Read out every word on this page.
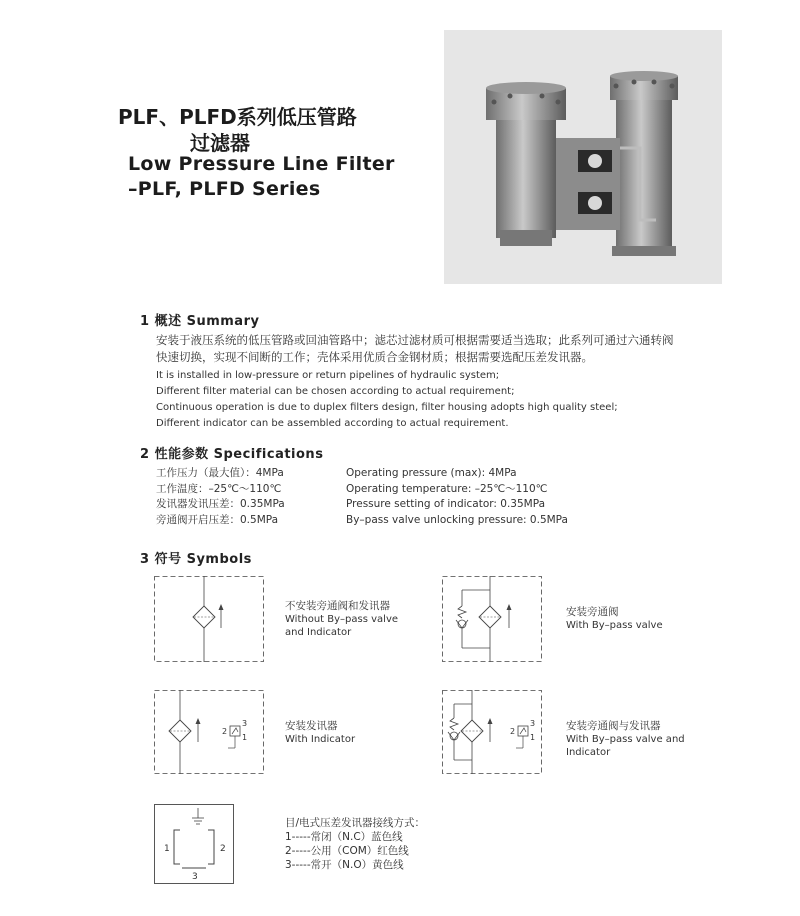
PLF、PLFD系列低压管路
过滤器
Low Pressure Line Filter
–PLF, PLFD Series
1 概述 Summary
安装于液压系统的低压管路或回油管路中；滤芯过滤材质可根据需要适当选取；此系列可通过六通转阀
快速切换，实现不间断的工作；壳体采用优质合金钢材质；根据需要选配压差发讯器。
It is installed in low-pressure or return pipelines of hydraulic system;
Different filter material can be chosen according to actual requirement;
Continuous operation is due to duplex filters design, filter housing adopts high quality steel;
Different indicator can be assembled according to actual requirement.
2 性能参数 Specifications
工作压力（最大值）：4MPa
工作温度：–25℃～110℃
发讯器发讯压差：0.35MPa
旁通阀开启压差：0.5MPa
Operating pressure (max): 4MPa
Operating temperature: –25℃～110℃
Pressure setting of indicator: 0.35MPa
By–pass valve unlocking pressure: 0.5MPa
3 符号 Symbols
不安装旁通阀和发讯器
Without By–pass valve
and Indicator
安装旁通阀
With By–pass valve
2
3
1
安装发讯器
With Indicator
2
3
1
安装旁通阀与发讯器
With By–pass valve and
Indicator
1	2
3
目/电式压差发讯器接线方式：
1-----常闭（N.C）蓝色线
2-----公用（COM）红色线
3-----常开（N.O）黄色线
